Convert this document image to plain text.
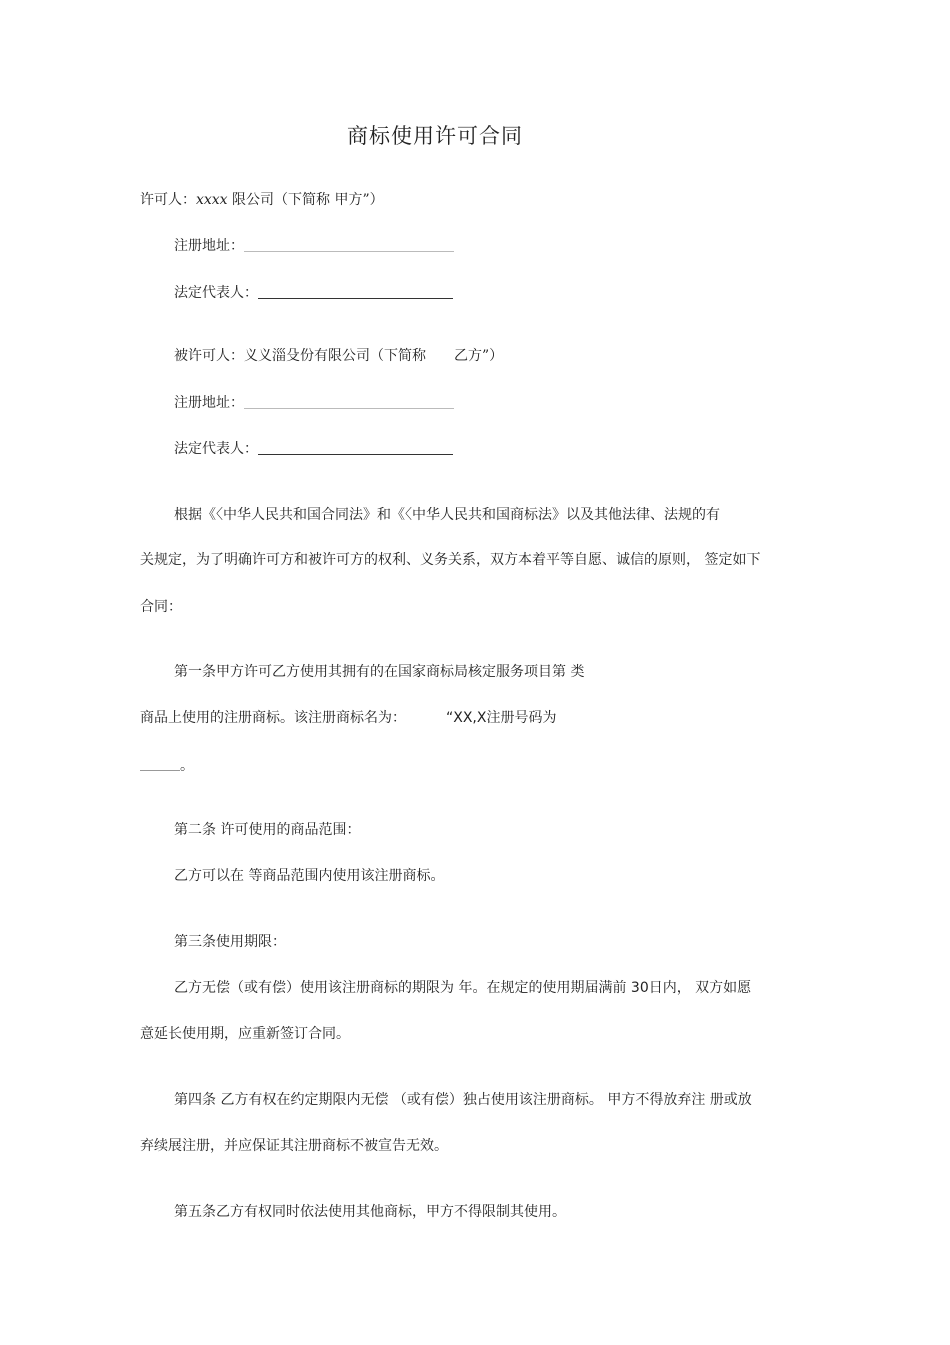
商标使用许可合同
许可人：xxxx 限公司（下简称 甲方”）
注册地址：
法定代表人：
被许可人：义义淄殳份有限公司（下简称 乙方”）
注册地址：
法定代表人：
根据《〈中华人民共和国合同法》和《〈中华人民共和国商标法》以及其他法律、法规的有
关规定，为了明确许可方和被许可方的权利、义务关系，双方本着平等自愿、诚信的原则， 签定如下
合同：
第一条甲方许可乙方使用其拥有的在国家商标局核定服务项目第 类
商品上使用的注册商标。该注册商标名为：	“XX,X注册号码为
。
第二条 许可使用的商品范围：
乙方可以在 等商品范围内使用该注册商标。
第三条使用期限：
乙方无偿（或有偿）使用该注册商标的期限为 年。在规定的使用期届满前 30日内， 双方如愿
意延长使用期，应重新签订合同。
第四条 乙方有权在约定期限内无偿 （或有偿）独占使用该注册商标。 甲方不得放弃注 册或放
弃续展注册，并应保证其注册商标不被宣告无效。
第五条乙方有权同时依法使用其他商标，甲方不得限制其使用。
